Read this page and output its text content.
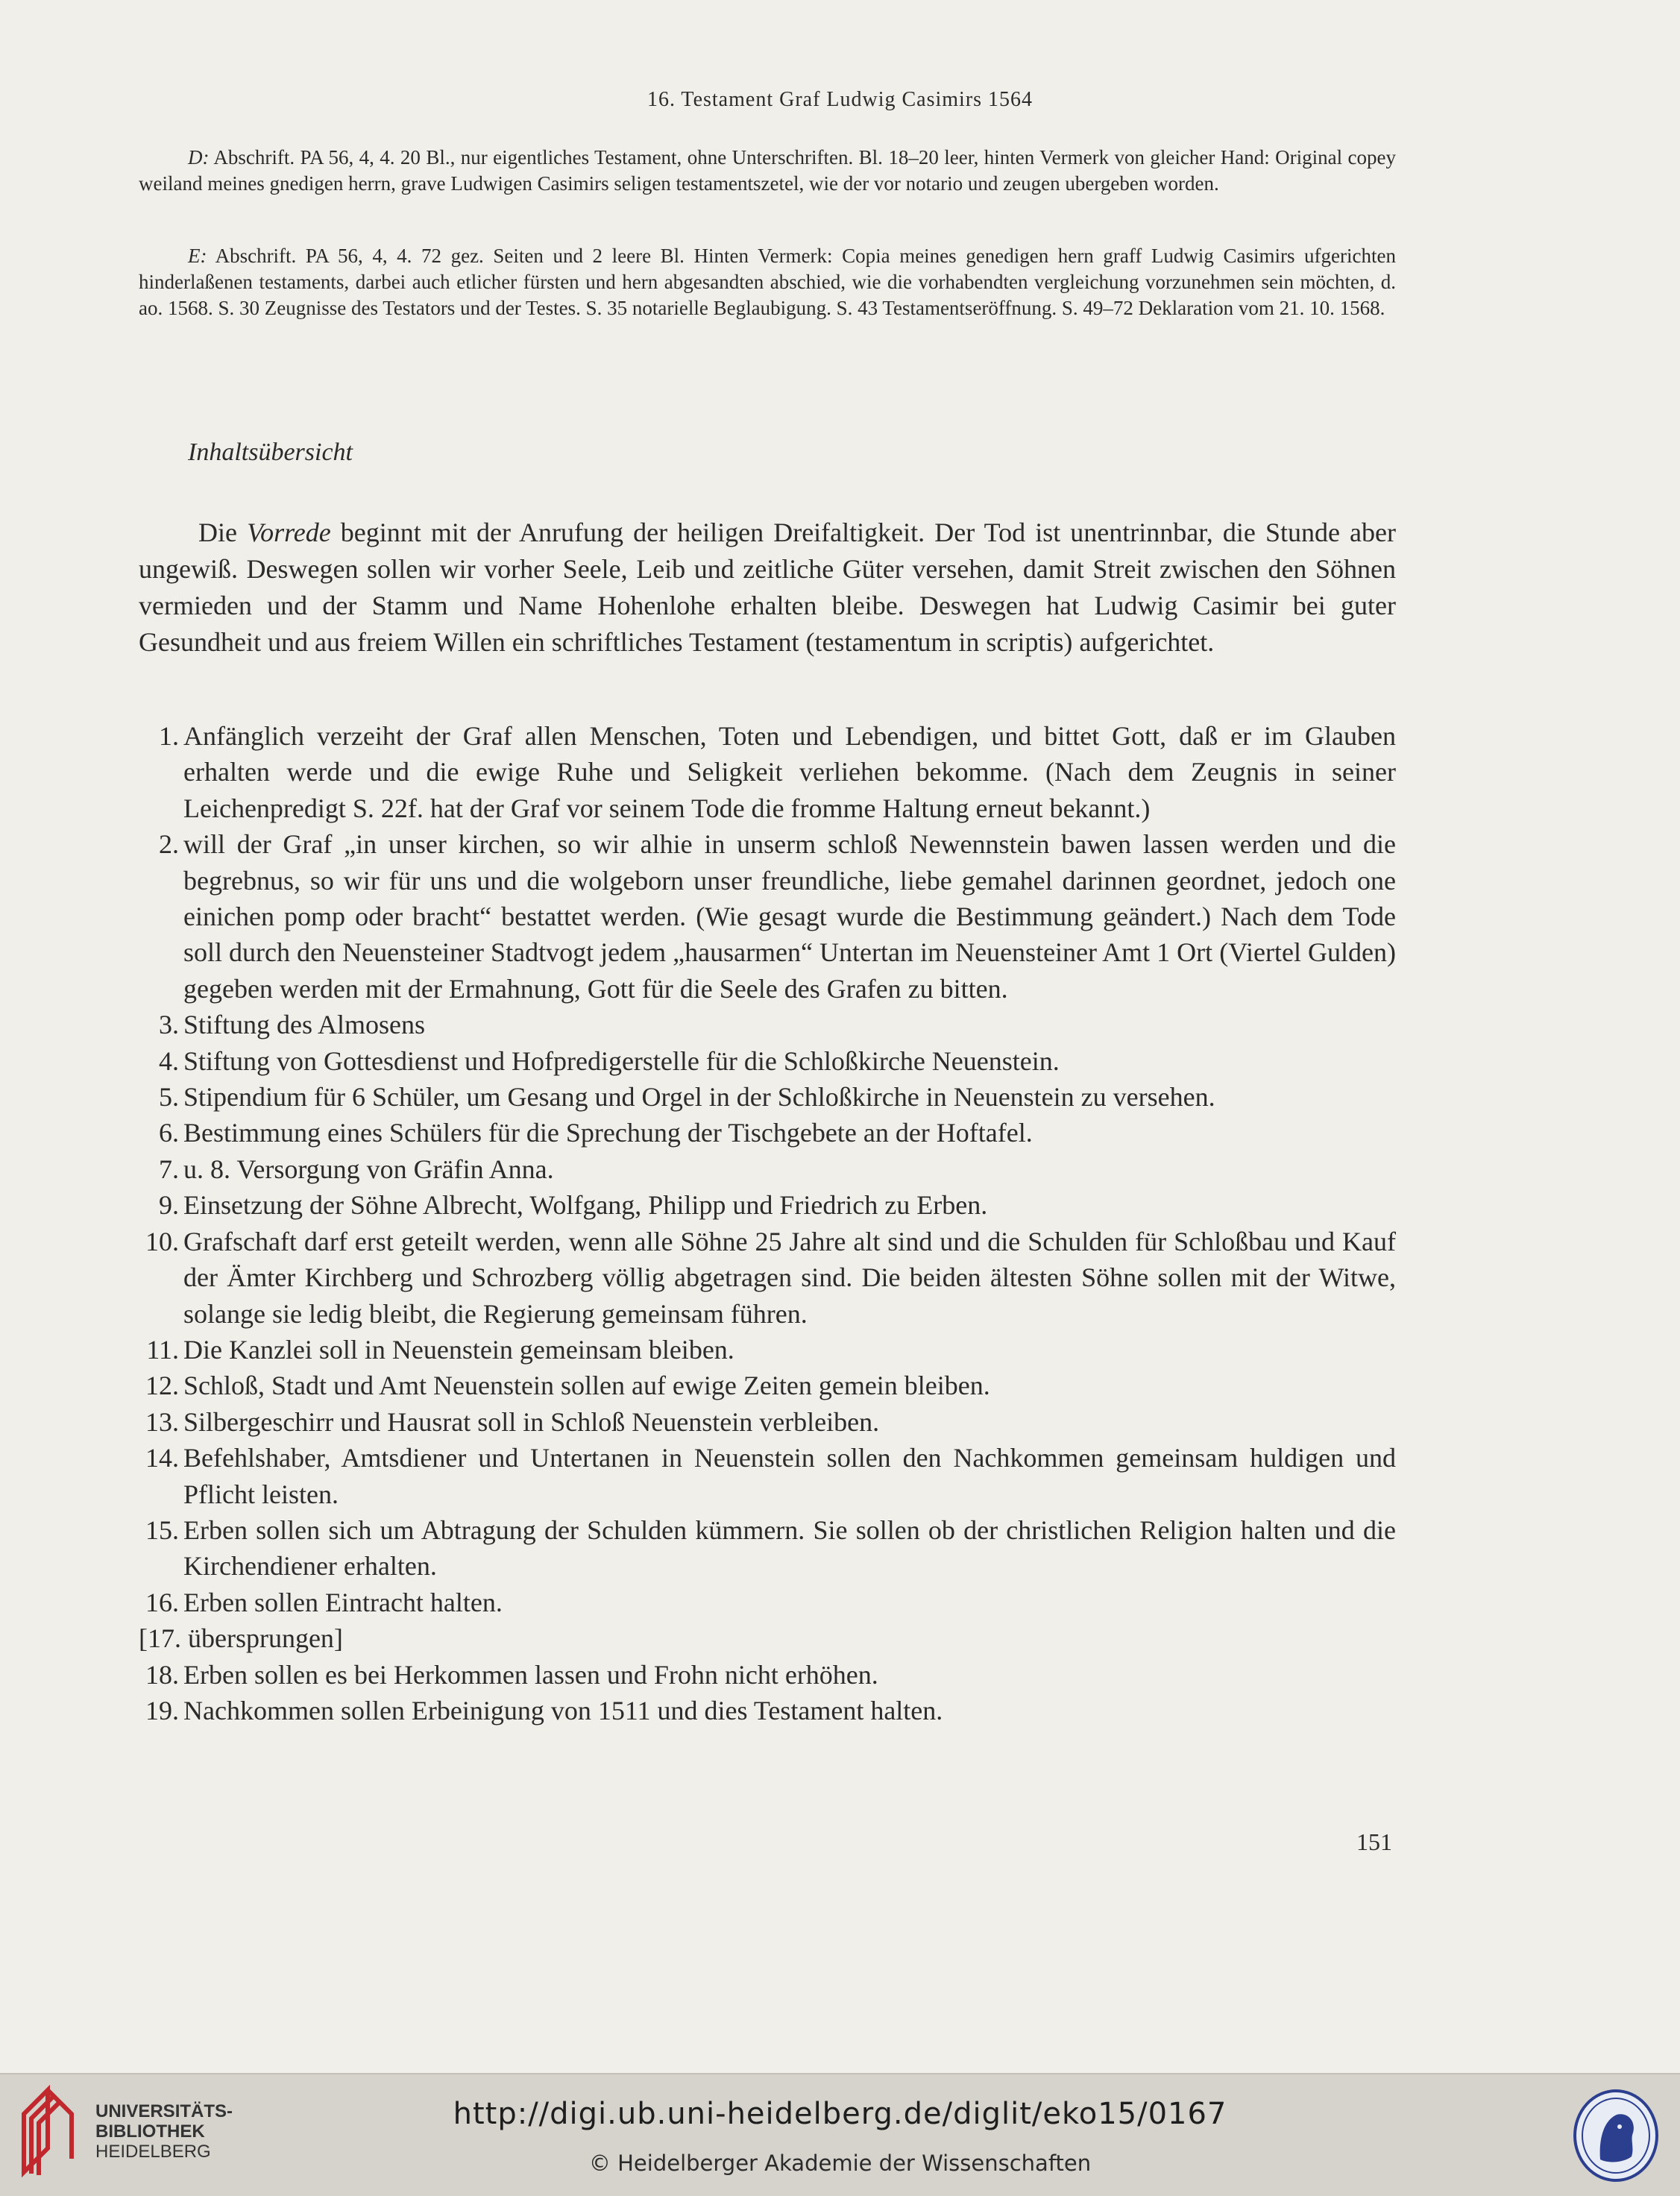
16. Testament Graf Ludwig Casimirs 1564

D: Abschrift. PA 56, 4, 4. 20 Bl., nur eigentliches Testament, ohne Unterschriften. Bl. 18–20 leer, hinten Vermerk von gleicher Hand: Original copey weiland meines gnedigen herrn, grave Ludwigen Casimirs seligen testamentszetel, wie der vor notario und zeugen ubergeben worden.

E: Abschrift. PA 56, 4, 4. 72 gez. Seiten und 2 leere Bl. Hinten Vermerk: Copia meines genedigen hern graff Ludwig Casimirs ufgerichten hinderlaßenen testaments, darbei auch etlicher fürsten und hern abgesandten abschied, wie die vorhabendten vergleichung vorzunehmen sein möchten, d. ao. 1568. S. 30 Zeugnisse des Testators und der Testes. S. 35 notarielle Beglaubigung. S. 43 Testamentseröffnung. S. 49–72 Deklaration vom 21. 10. 1568.

Inhaltsübersicht

Die Vorrede beginnt mit der Anrufung der heiligen Dreifaltigkeit. Der Tod ist unentrinnbar, die Stunde aber ungewiß. Deswegen sollen wir vorher Seele, Leib und zeitliche Güter versehen, damit Streit zwischen den Söhnen vermieden und der Stamm und Name Hohenlohe erhalten bleibe. Deswegen hat Ludwig Casimir bei guter Gesundheit und aus freiem Willen ein schriftliches Testament (testamentum in scriptis) aufgerichtet.

1. Anfänglich verzeiht der Graf allen Menschen, Toten und Lebendigen, und bittet Gott, daß er im Glauben erhalten werde und die ewige Ruhe und Seligkeit verliehen bekomme. (Nach dem Zeugnis in seiner Leichenpredigt S. 22f. hat der Graf vor seinem Tode die fromme Haltung erneut bekannt.)
2. will der Graf „in unser kirchen, so wir alhie in unserm schloß Newennstein bawen lassen werden und die begrebnus, so wir für uns und die wolgeborn unser freundliche, liebe gemahel darinnen geordnet, jedoch one einichen pomp oder bracht“ bestattet werden. (Wie gesagt wurde die Bestimmung geändert.) Nach dem Tode soll durch den Neuensteiner Stadtvogt jedem „hausarmen“ Untertan im Neuensteiner Amt 1 Ort (Viertel Gulden) gegeben werden mit der Ermahnung, Gott für die Seele des Grafen zu bitten.
3. Stiftung des Almosens
4. Stiftung von Gottesdienst und Hofpredigerstelle für die Schloßkirche Neuenstein.
5. Stipendium für 6 Schüler, um Gesang und Orgel in der Schloßkirche in Neuenstein zu versehen.
6. Bestimmung eines Schülers für die Sprechung der Tischgebete an der Hoftafel.
7. u. 8. Versorgung von Gräfin Anna.
9. Einsetzung der Söhne Albrecht, Wolfgang, Philipp und Friedrich zu Erben.
10. Grafschaft darf erst geteilt werden, wenn alle Söhne 25 Jahre alt sind und die Schulden für Schloßbau und Kauf der Ämter Kirchberg und Schrozberg völlig abgetragen sind. Die beiden ältesten Söhne sollen mit der Witwe, solange sie ledig bleibt, die Regierung gemeinsam führen.
11. Die Kanzlei soll in Neuenstein gemeinsam bleiben.
12. Schloß, Stadt und Amt Neuenstein sollen auf ewige Zeiten gemein bleiben.
13. Silbergeschirr und Hausrat soll in Schloß Neuenstein verbleiben.
14. Befehlshaber, Amtsdiener und Untertanen in Neuenstein sollen den Nachkommen gemeinsam huldigen und Pflicht leisten.
15. Erben sollen sich um Abtragung der Schulden kümmern. Sie sollen ob der christlichen Religion halten und die Kirchendiener erhalten.
16. Erben sollen Eintracht halten.
[17. übersprungen]
18. Erben sollen es bei Herkommen lassen und Frohn nicht erhöhen.
19. Nachkommen sollen Erbeinigung von 1511 und dies Testament halten.
151
UNIVERSITÄTS-
BIBLIOTHEK
HEIDELBERG
http://digi.ub.uni-heidelberg.de/diglit/eko15/0167
© Heidelberger Akademie der Wissenschaften
